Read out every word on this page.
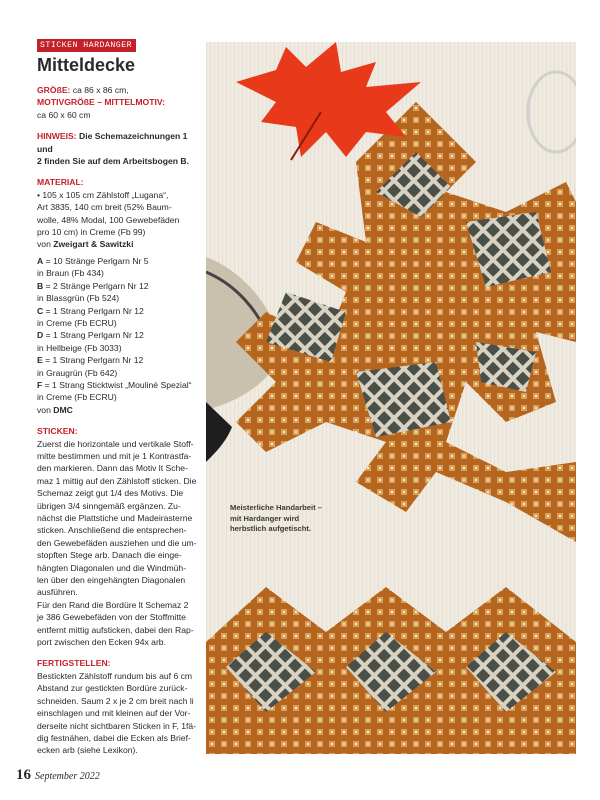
STICKEN HARDANGER
Mitteldecke
GRÖßE: ca 86 x 86 cm,
MOTIVGRÖßE – MITTELMOTIV:
ca 60 x 60 cm
HINWEIS: Die Schemazeichnungen 1 und
2 finden Sie auf dem Arbeitsbogen B.
MATERIAL:
• 105 x 105 cm Zählstoff „Lugana“,
Art 3835, 140 cm breit (52% Baum-
wolle, 48% Modal, 100 Gewebefäden
pro 10 cm) in Creme (Fb 99)
von Zweigart & Sawitzki
A = 10 Stränge Perlgarn Nr 5
in Braun (Fb 434)
B = 2 Stränge Perlgarn Nr 12
in Blassgrün (Fb 524)
C = 1 Strang Perlgarn Nr 12
in Creme (Fb ECRU)
D = 1 Strang Perlgarn Nr 12
in Hellbeige (Fb 3033)
E = 1 Strang Perlgarn Nr 12
in Graugrün (Fb 642)
F = 1 Strang Sticktwist „Mouliné Spezial“
in Creme (Fb ECRU)
von DMC
STICKEN:
Zuerst die horizontale und vertikale Stoff-
mitte bestimmen und mit je 1 Kontrastfa-
den markieren. Dann das Motiv lt Sche-
maz 1 mittig auf den Zählstoff sticken. Die
Schemaz zeigt gut 1/4 des Motivs. Die
übrigen 3/4 sinngemäß ergänzen. Zu-
nächst die Plattstiche und Madeirasterne
sticken. Anschließend die entsprechen-
den Gewebefäden ausziehen und die um-
stopften Stege arb. Danach die einge-
hängten Diagonalen und die Windmüh-
len über den eingehängten Diagonalen
ausführen.
Für den Rand die Bordüre lt Schemaz 2
je 386 Gewebefäden von der Stoffmitte
entfernt mittig aufsticken, dabei den Rap-
port zwischen den Ecken 94x arb.
FERTIGSTELLEN:
Bestickten Zählstoff rundum bis auf 6 cm
Abstand zur gestickten Bordüre zurück-
schneiden. Saum 2 x je 2 cm breit nach li
einschlagen und mit kleinen auf der Vor-
derseite nicht sichtbaren Sticken in F, 1fä-
dig festnähen, dabei die Ecken als Brief-
ecken arb (siehe Lexikon).
Meisterliche Handarbeit –
mit Hardanger wird
herbstlich aufgetischt.
16 September 2022
PassionForum.ru
